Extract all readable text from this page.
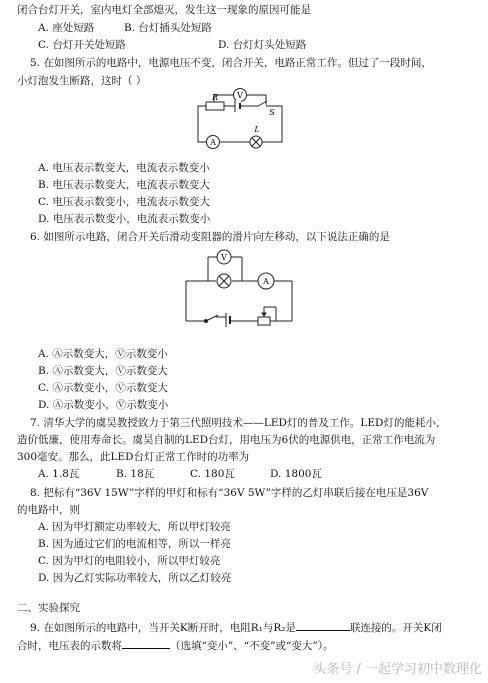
闭合台灯开关，室内电灯全部熄灭，发生这一现象的原因可能是
A. 座处短路	B. 台灯插头处短路
C. 台灯开关处短路	D. 台灯灯头处短路
5. 在如图所示的电路中，电源电压不变，闭合开关，电路正常工作。但过了一段时间，
小灯泡发生断路，这时（ ）
V
R
S
L
A
A. 电压表示数变大，电流表示数变小
B. 电压表示数变大，电流表示数变大
C. 电压表示数变小，电流表示数变大
D. 电压表示数变小，电流表示数变小
6. 如图所示电路，闭合开关后滑动变阻器的滑片向左移动，以下说法正确的是
V
A
A. Ⓐ示数变大，Ⓥ示数变小
B. Ⓐ示数变大，Ⓥ示数变大
C. Ⓐ示数变小，Ⓥ示数变大
D. Ⓐ示数变小，Ⓥ示数变小
7. 清华大学的虞昊教授致力于第三代照明技术——LED灯的普及工作。LED灯的能耗小，
造价低廉，使用寿命长。虞昊自制的LED台灯，用电压为6伏的电源供电，正常工作电流为
300毫安。那么，此LED台灯正常工作时的功率为
A. 1.8瓦	B. 18瓦	C. 180瓦	D. 1800瓦
8. 把标有“36V 15W”字样的甲灯和标有“36V 5W”字样的乙灯串联后接在电压是36V
的电路中，则
A. 因为甲灯额定功率较大，所以甲灯较亮
B. 因为通过它们的电流相等，所以一样亮
C. 因为甲灯的电阻较小，所以甲灯较亮
D. 因为乙灯实际功率较大，所以乙灯较亮
二、实验探究
9. 在如图所示的电路中，当开关K断开时，电阻R₁与R₂是	联连接的。开关K闭
合时，电压表的示数将	（选填“变小”、“不变”或“变大”）。
头条号 / 一起学习初中数理化
